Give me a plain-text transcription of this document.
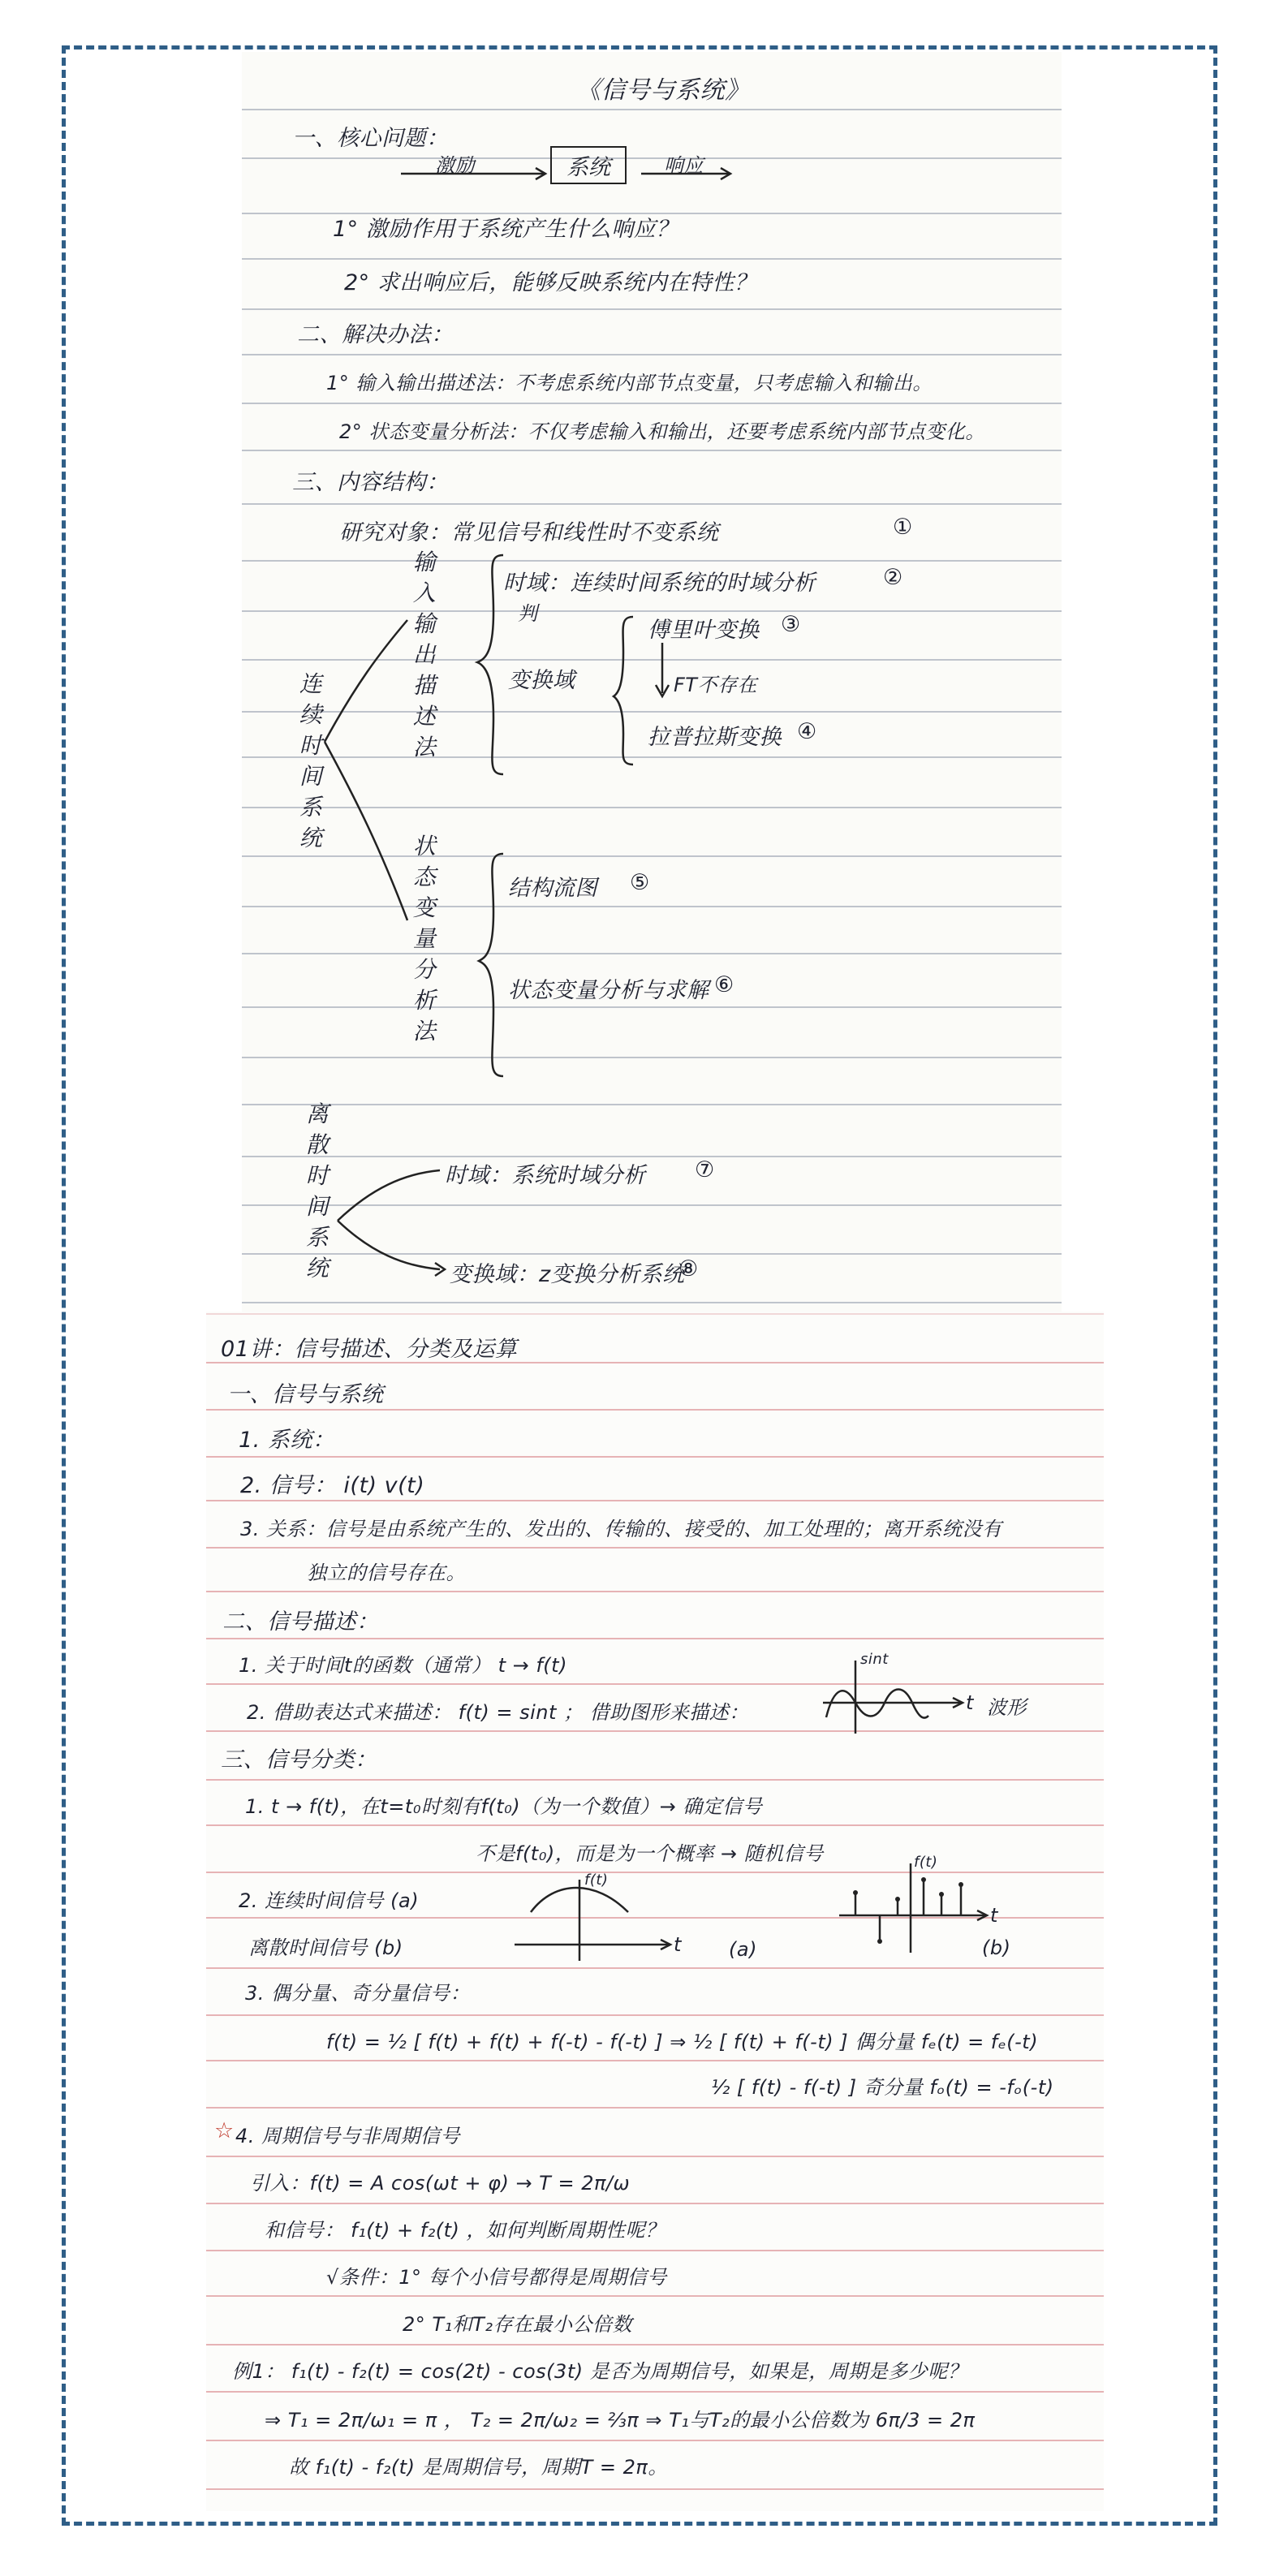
《信号与系统》
一、核心问题：
激励	系统	响应
1° 激励作用于系统产生什么响应？
2° 求出响应后，能够反映系统内在特性？
二、解决办法：
1° 输入输出描述法：不考虑系统内部节点变量，只考虑输入和输出。
2° 状态变量分析法：不仅考虑输入和输出，还要考虑系统内部节点变化。
三、内容结构：
研究对象：常见信号和线性时不变系统	①
连续时间系统
输入输出描述法
状态变量分析法
离散时间系统
时域：连续时间系统的时域分析	②
判
傅里叶变换 ③
变换域	FT不存在
拉普拉斯变换 ④
结构流图 ⑤
状态变量分析与求解 ⑥
时域：系统时域分析 ⑦
变换域：z变换分析系统
⑧
01讲：信号描述、分类及运算
一、信号与系统
1. 系统：
2. 信号： i(t) v(t)
3. 关系：信号是由系统产生的、发出的、传输的、接受的、加工处理的；离开系统没有
独立的信号存在。
二、信号描述：
1. 关于时间t的函数（通常） t → f(t)
2. 借助表达式来描述： f(t) = sint ； 借助图形来描述：
sint
t 波形
三、信号分类：
1. t → f(t)，在t=t₀时刻有f(t₀)（为一个数值）→ 确定信号
不是f(t₀)，而是为一个概率 → 随机信号
2. 连续时间信号 (a)
离散时间信号 (b)
f(t)
f(t)
t
t
(a)	(b)
3. 偶分量、奇分量信号：
f(t) = ½ [ f(t) + f(t) + f(-t) - f(-t) ] ⇒ ½ [ f(t) + f(-t) ] 偶分量 fₑ(t) = fₑ(-t)
½ [ f(t) - f(-t) ] 奇分量 fₒ(t) = -fₒ(-t)
☆ 4. 周期信号与非周期信号
引入：f(t) = A cos(ωt + φ) → T = 2π/ω
和信号： f₁(t) + f₂(t) ，如何判断周期性呢？
√条件：1° 每个小信号都得是周期信号
2° T₁和T₂存在最小公倍数
例1： f₁(t) - f₂(t) = cos(2t) - cos(3t) 是否为周期信号，如果是，周期是多少呢？
⇒ T₁ = 2π/ω₁ = π ， T₂ = 2π/ω₂ = ⅔π ⇒ T₁与T₂的最小公倍数为 6π/3 = 2π
故 f₁(t) - f₂(t) 是周期信号，周期T = 2π。
